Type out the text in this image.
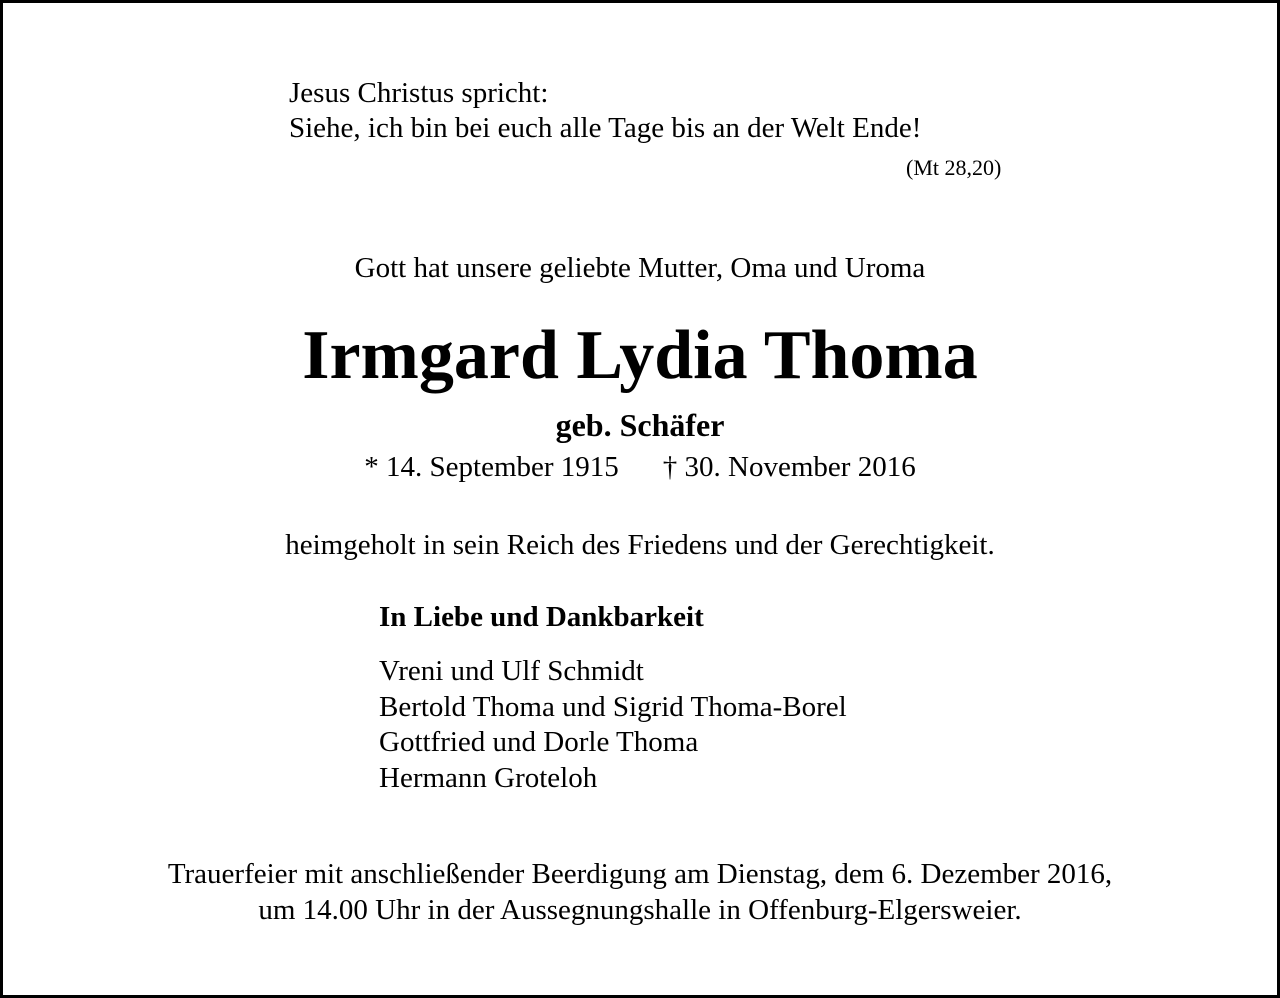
Jesus Christus spricht:
Siehe, ich bin bei euch alle Tage bis an der Welt Ende!
(Mt 28,20)
Gott hat unsere geliebte Mutter, Oma und Uroma
Irmgard Lydia Thoma
geb. Schäfer
* 14. September 1915 † 30. November 2016
heimgeholt in sein Reich des Friedens und der Gerechtigkeit.
In Liebe und Dankbarkeit
Vreni und Ulf Schmidt
Bertold Thoma und Sigrid Thoma-Borel
Gottfried und Dorle Thoma
Hermann Groteloh
Trauerfeier mit anschließender Beerdigung am Dienstag, dem 6. Dezember 2016,
um 14.00 Uhr in der Aussegnungshalle in Offenburg-Elgersweier.
